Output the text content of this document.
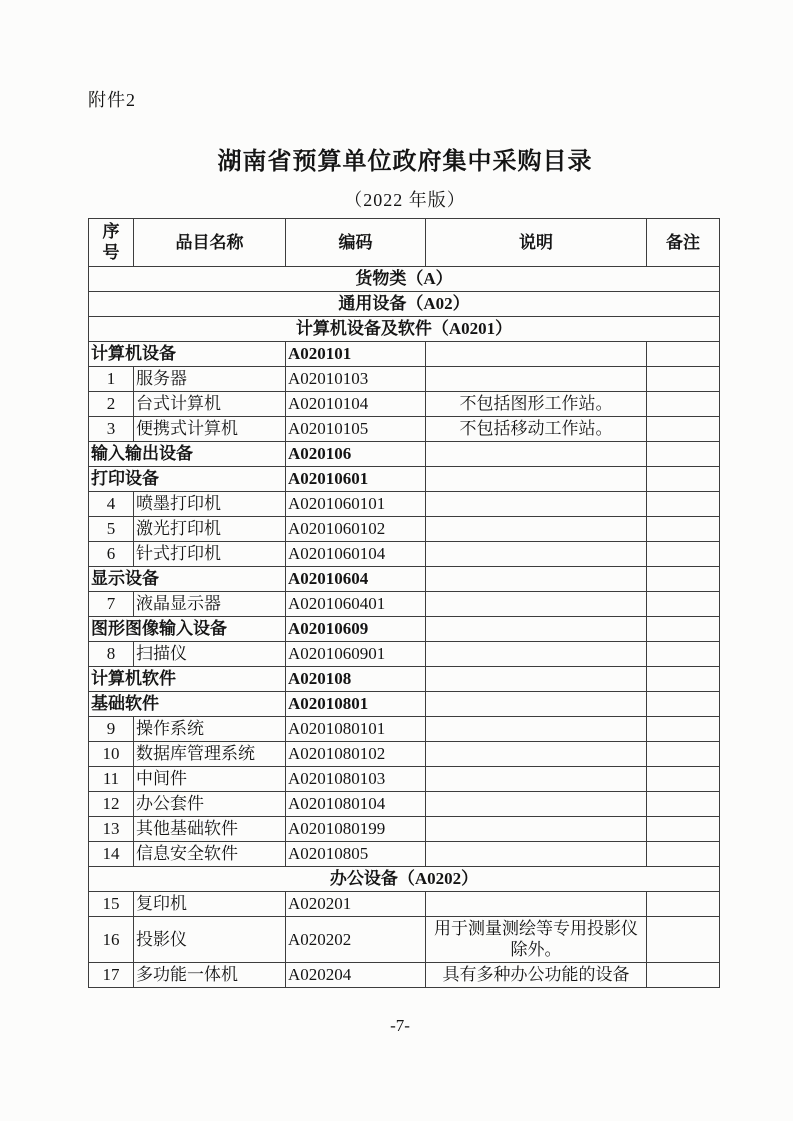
附件2
湖南省预算单位政府集中采购目录
（2022 年版）
序号	品目名称	编码	说明	备注
货物类（A）				
通用设备（A02）				
计算机设备及软件（A0201）				
计算机设备		A020101		
1	服务器	A02010103		
2	台式计算机	A02010104	不包括图形工作站。	
3	便携式计算机	A02010105	不包括移动工作站。	
输入输出设备		A020106		
打印设备		A02010601		
4	喷墨打印机	A0201060101		
5	激光打印机	A0201060102		
6	针式打印机	A0201060104		
显示设备		A02010604		
7	液晶显示器	A0201060401		
图形图像输入设备		A02010609		
8	扫描仪	A0201060901		
计算机软件		A020108		
基础软件		A02010801		
9	操作系统	A0201080101		
10	数据库管理系统	A0201080102		
11	中间件	A0201080103		
12	办公套件	A0201080104		
13	其他基础软件	A0201080199		
14	信息安全软件	A02010805		
办公设备（A0202）				
15	复印机	A020201		
16	投影仪	A020202	用于测量测绘等专用投影仪除外。	
17	多功能一体机	A020204	具有多种办公功能的设备	
-7-
